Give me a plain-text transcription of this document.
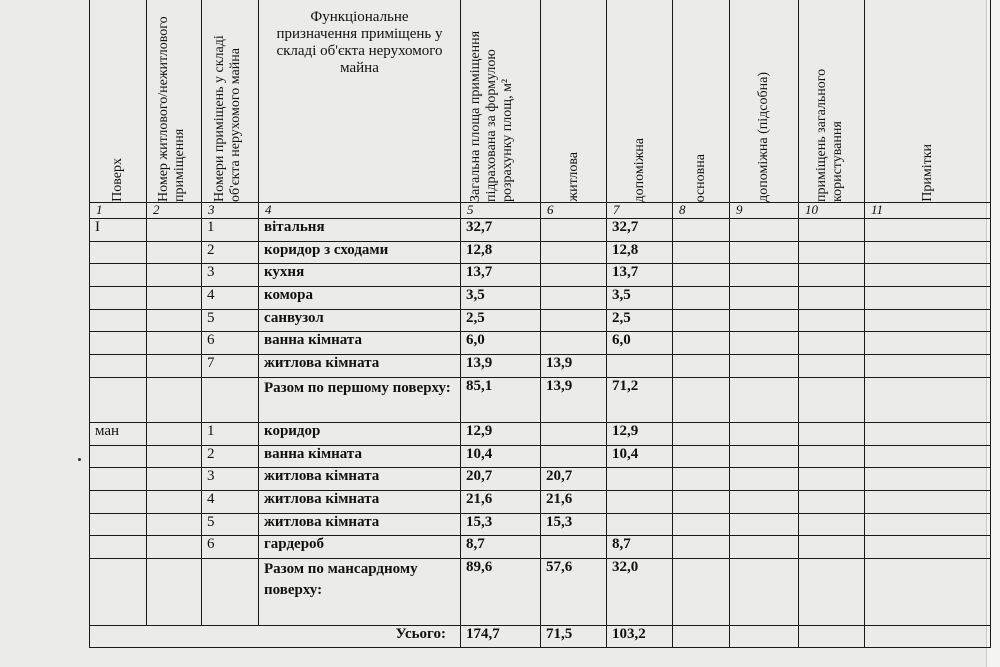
Поверх	Номер житлового/нежитлового приміщення	Номери приміщень у складі об'єкта нерухомого майна	Функціональне призначення приміщень у складі об'єкта нерухомого майна	Загальна площа приміщення підрахована за формулою розрахунку площ, м²	житлова	допоміжна	основна	допоміжна (підсобна)	приміщень загального користування	Примітки

1	2	3	4	5	6	7	8	9	10	11
I		1	вітальня	32,7		32,7				
		2	коридор з сходами	12,8		12,8				
		3	кухня	13,7		13,7				
		4	комора	3,5		3,5				
		5	санвузол	2,5		2,5				
		6	ванна кімната	6,0		6,0				
		7	житлова кімната	13,9	13,9					
			Разом по першому поверху:	85,1	13,9	71,2				
ман		1	коридор	12,9		12,9				
		2	ванна кімната	10,4		10,4				
		3	житлова кімната	20,7	20,7					
		4	житлова кімната	21,6	21,6					
		5	житлова кімната	15,3	15,3					
		6	гардероб	8,7		8,7				
			Разом по мансардному поверху:	89,6	57,6	32,0				
Усього:				174,7	71,5	103,2				
